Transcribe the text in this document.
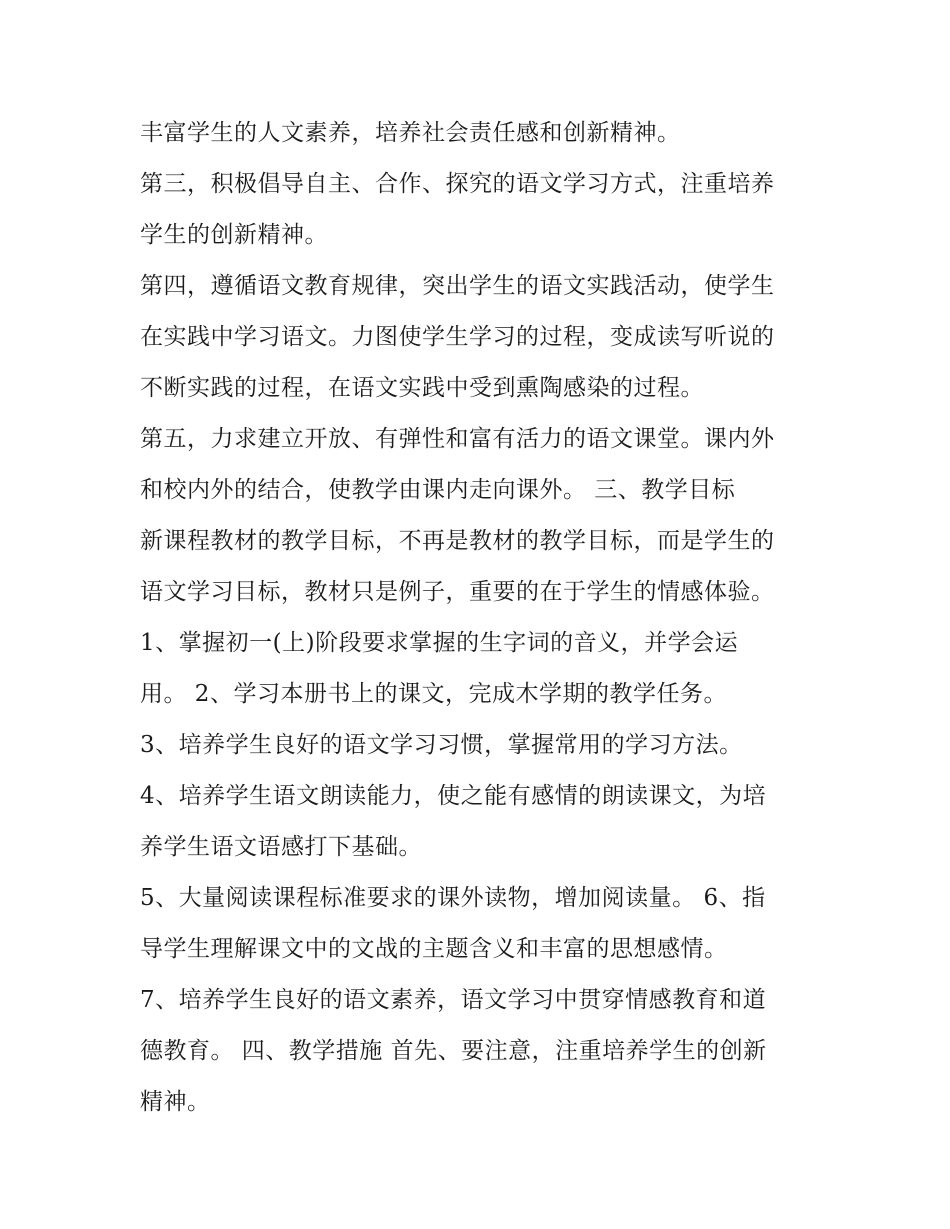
丰富学生的人文素养，培养社会责任感和创新精神。
第三，积极倡导自主、合作、探究的语文学习方式，注重培养
学生的创新精神。
第四，遵循语文教育规律，突出学生的语文实践活动，使学生
在实践中学习语文。力图使学生学习的过程，变成读写听说的
不断实践的过程，在语文实践中受到熏陶感染的过程。
第五，力求建立开放、有弹性和富有活力的语文课堂。课内外
和校内外的结合，使教学由课内走向课外。 三、教学目标
新课程教材的教学目标，不再是教材的教学目标，而是学生的
语文学习目标，教材只是例子，重要的在于学生的情感体验。
1、掌握初一(上)阶段要求掌握的生字词的音义，并学会运
用。 2、学习本册书上的课文，完成木学期的教学任务。
3、培养学生良好的语文学习习惯，掌握常用的学习方法。
4、培养学生语文朗读能力，使之能有感情的朗读课文，为培
养学生语文语感打下基础。
5、大量阅读课程标准要求的课外读物，增加阅读量。 6、指
导学生理解课文中的文战的主题含义和丰富的思想感情。
7、培养学生良好的语文素养，语文学习中贯穿情感教育和道
德教育。 四、教学措施 首先、要注意，注重培养学生的创新
精神。
